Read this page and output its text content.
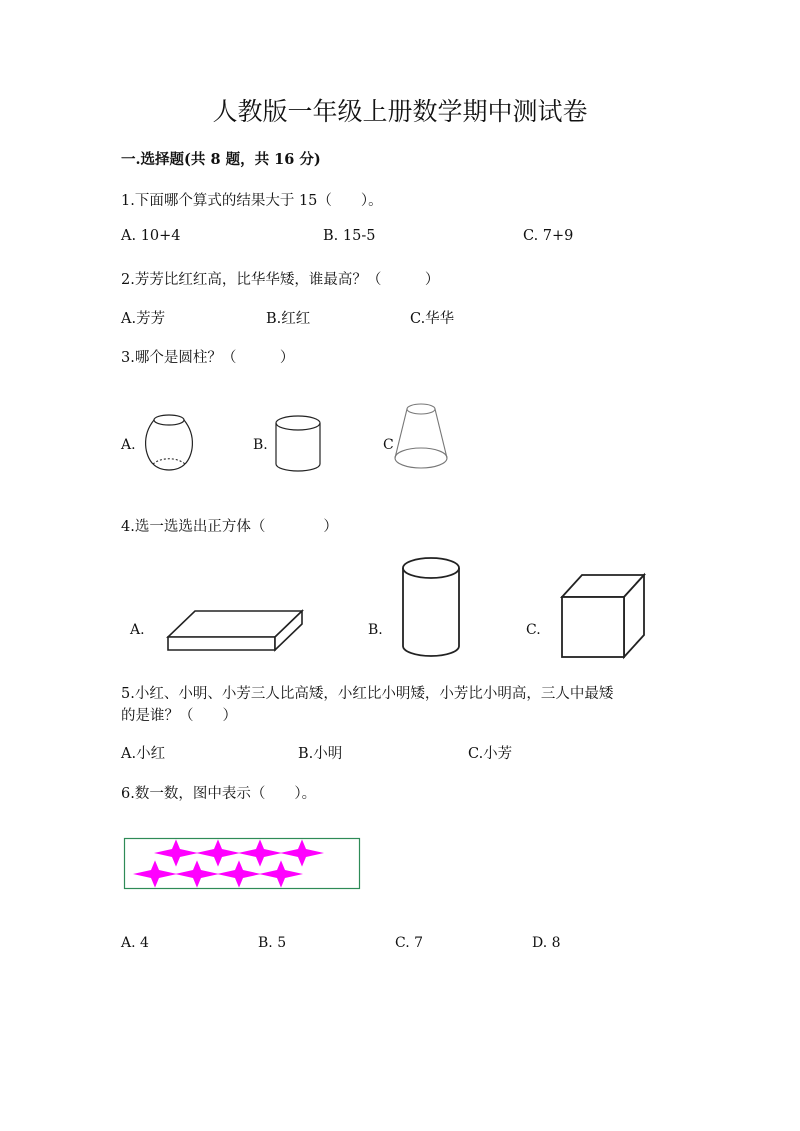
人教版一年级上册数学期中测试卷
一.选择题(共 8 题，共 16 分)
1.下面哪个算式的结果大于 15（　　）。
A. 10+4	B. 15-5	C. 7+9
2.芳芳比红红高，比华华矮，谁最高？（　　　）
A.芳芳	B.红红	C.华华
3.哪个是圆柱？（　　　）
A.	B.	C
4.选一选选出正方体（　　　　）
A.	B.	C.
5.小红、小明、小芳三人比高矮，小红比小明矮，小芳比小明高，三人中最矮
的是谁？（　　）
A.小红	B.小明	C.小芳
6.数一数，图中表示（　　）。
A. 4	B. 5	C. 7	D. 8
